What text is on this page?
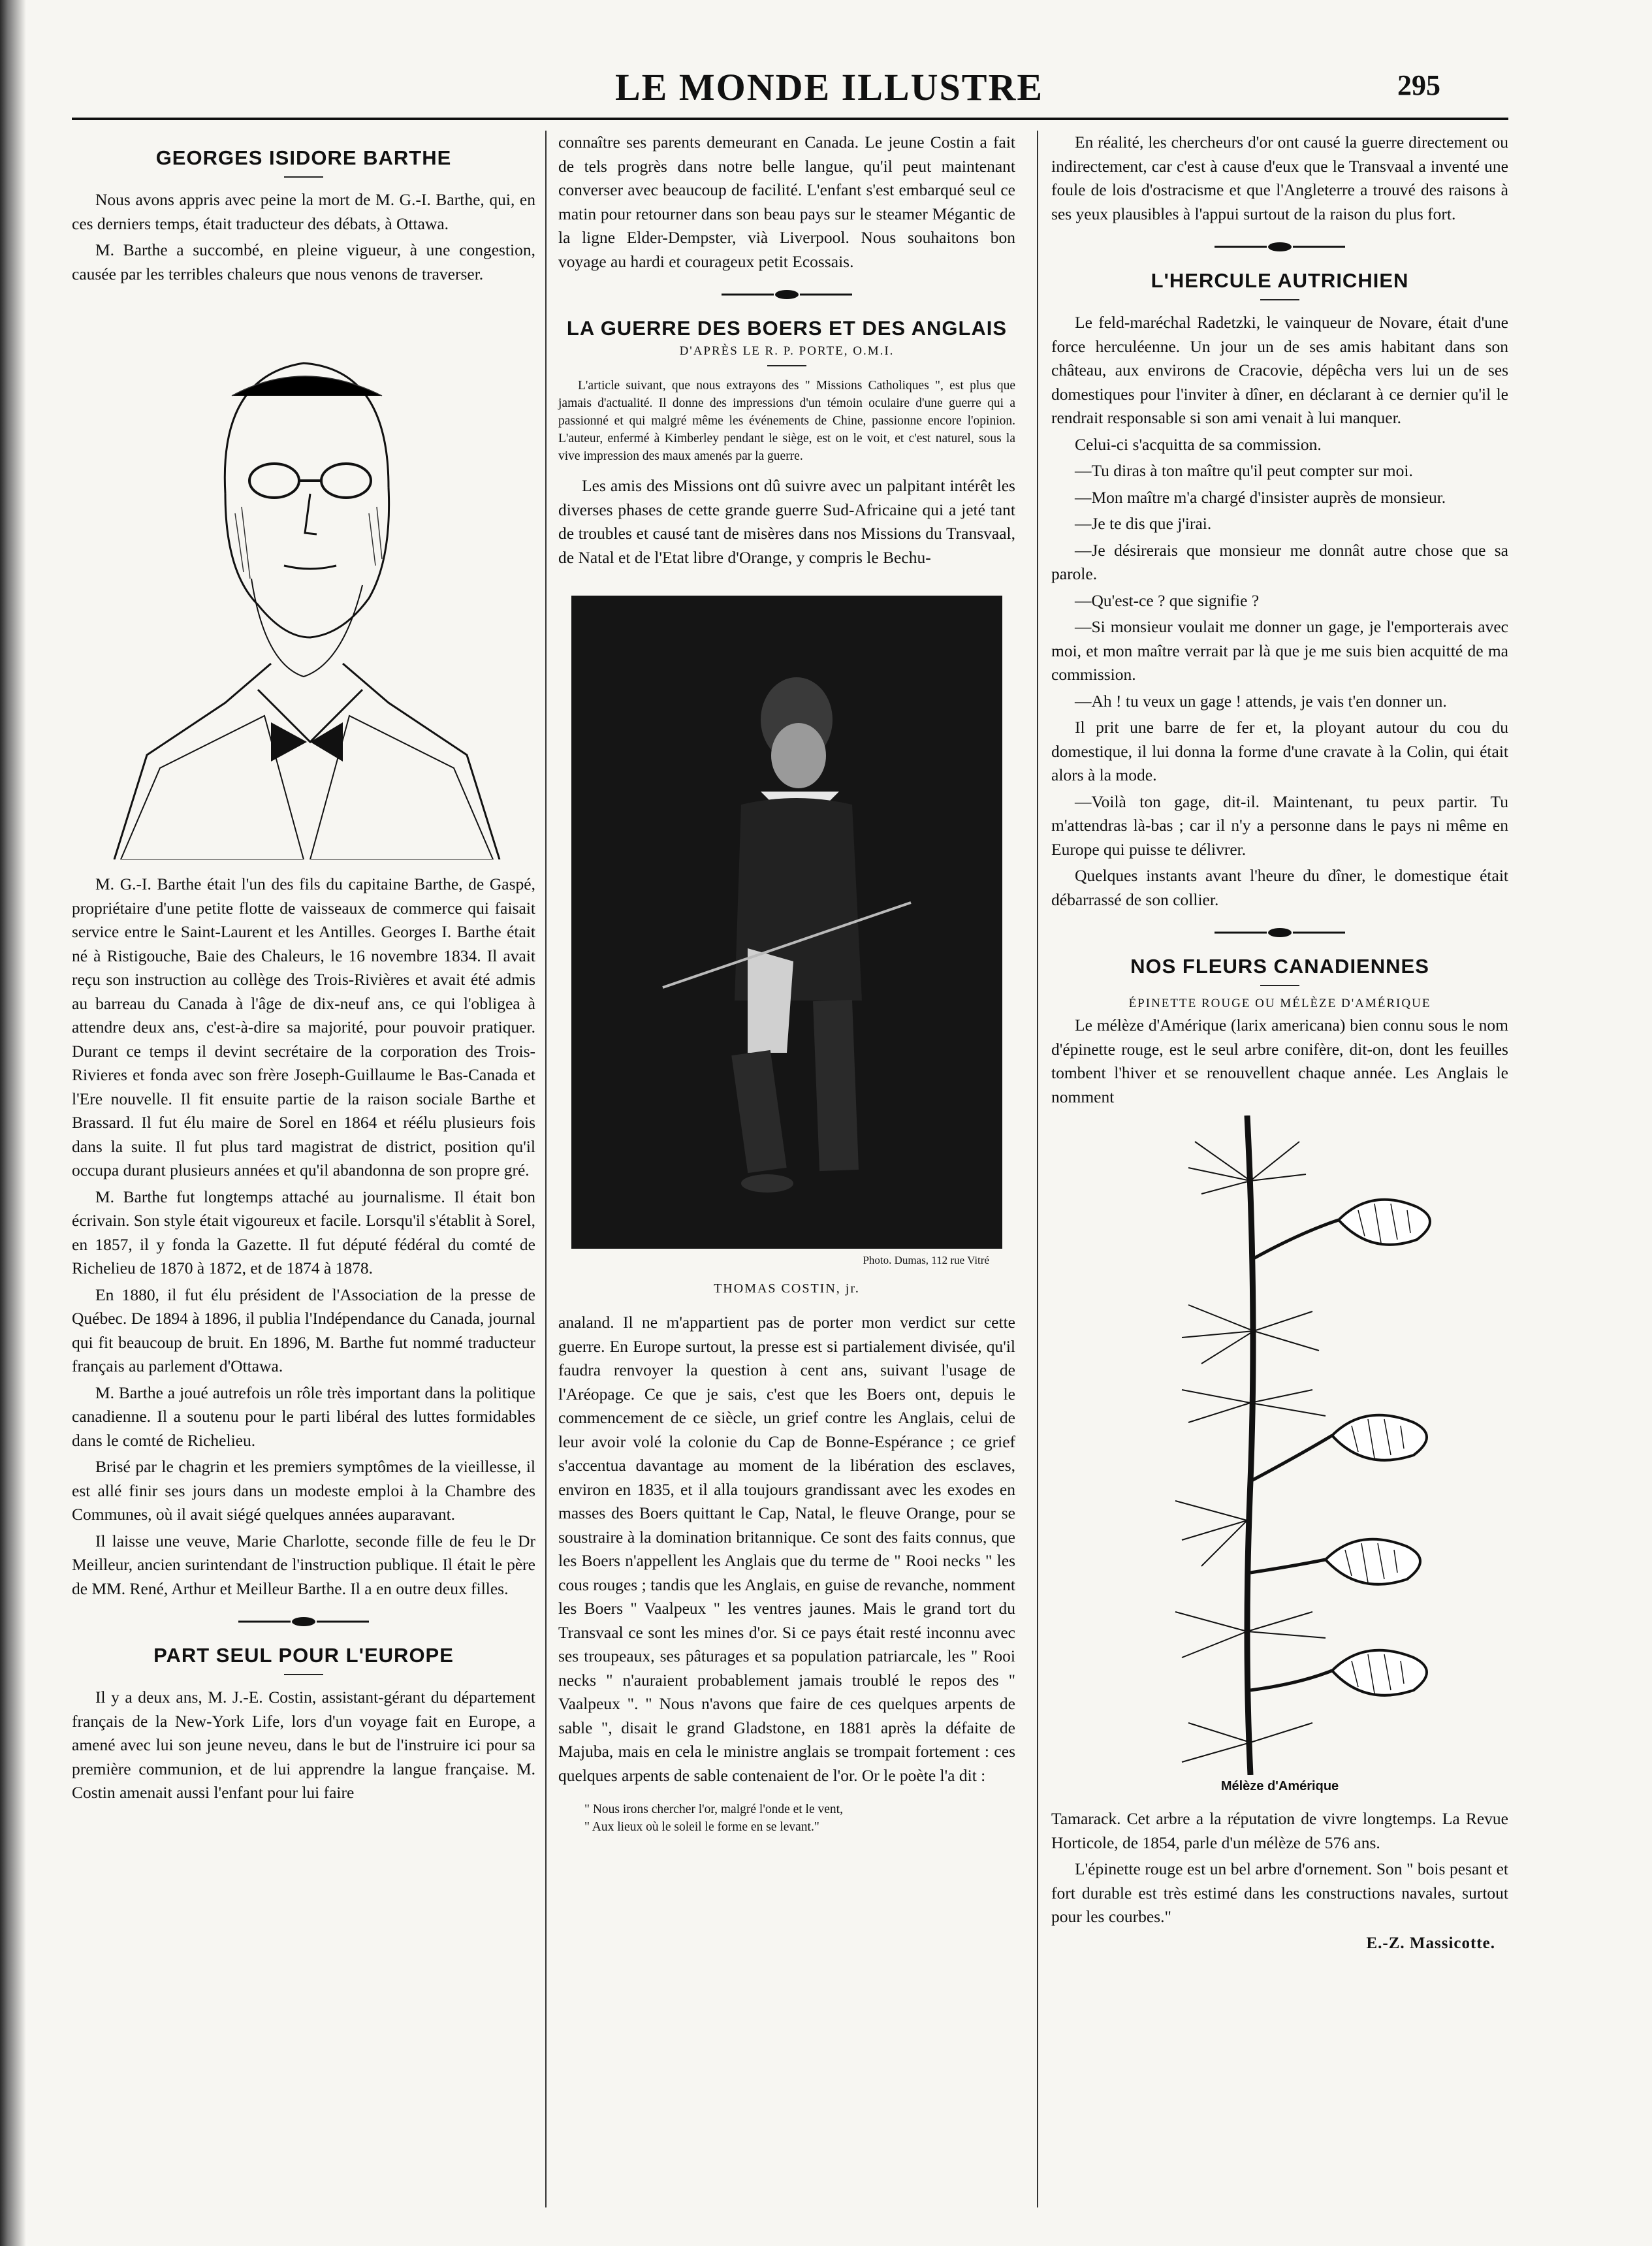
LE MONDE ILLUSTRE	295
GEORGES ISIDORE BARTHE

Nous avons appris avec peine la mort de M. G.-I. Barthe, qui, en ces derniers temps, était traducteur des débats, à Ottawa.

M. Barthe a succombé, en pleine vigueur, à une congestion, causée par les terribles chaleurs que nous venons de traverser.

M. G.-I. Barthe était l'un des fils du capitaine Barthe, de Gaspé, propriétaire d'une petite flotte de vaisseaux de commerce qui faisait service entre le Saint-Laurent et les Antilles. Georges I. Barthe était né à Ristigouche, Baie des Chaleurs, le 16 novembre 1834. Il avait reçu son instruction au collège des Trois-Rivières et avait été admis au barreau du Canada à l'âge de dix-neuf ans, ce qui l'obligea à attendre deux ans, c'est-à-dire sa majorité, pour pouvoir pratiquer. Durant ce temps il devint secrétaire de la corporation des Trois-Rivieres et fonda avec son frère Joseph-Guillaume le Bas-Canada et l'Ere nouvelle. Il fit ensuite partie de la raison sociale Barthe et Brassard. Il fut élu maire de Sorel en 1864 et réélu plusieurs fois dans la suite. Il fut plus tard magistrat de district, position qu'il occupa durant plusieurs années et qu'il abandonna de son propre gré.

M. Barthe fut longtemps attaché au journalisme. Il était bon écrivain. Son style était vigoureux et facile. Lorsqu'il s'établit à Sorel, en 1857, il y fonda la Gazette. Il fut député fédéral du comté de Richelieu de 1870 à 1872, et de 1874 à 1878.

En 1880, il fut élu président de l'Association de la presse de Québec. De 1894 à 1896, il publia l'Indépendance du Canada, journal qui fit beaucoup de bruit. En 1896, M. Barthe fut nommé traducteur français au parlement d'Ottawa.

M. Barthe a joué autrefois un rôle très important dans la politique canadienne. Il a soutenu pour le parti libéral des luttes formidables dans le comté de Richelieu.

Brisé par le chagrin et les premiers symptômes de la vieillesse, il est allé finir ses jours dans un modeste emploi à la Chambre des Communes, où il avait siégé quelques années auparavant.

Il laisse une veuve, Marie Charlotte, seconde fille de feu le Dr Meilleur, ancien surintendant de l'instruction publique. Il était le père de MM. René, Arthur et Meilleur Barthe. Il a en outre deux filles.

PART SEUL POUR L'EUROPE

Il y a deux ans, M. J.-E. Costin, assistant-gérant du département français de la New-York Life, lors d'un voyage fait en Europe, a amené avec lui son jeune neveu, dans le but de l'instruire ici pour sa première communion, et de lui apprendre la langue française. M. Costin amenait aussi l'enfant pour lui faire

connaître ses parents demeurant en Canada. Le jeune Costin a fait de tels progrès dans notre belle langue, qu'il peut maintenant converser avec beaucoup de facilité. L'enfant s'est embarqué seul ce matin pour retourner dans son beau pays sur le steamer Mégantic de la ligne Elder-Dempster, vià Liverpool. Nous souhaitons bon voyage au hardi et courageux petit Ecossais.

LA GUERRE DES BOERS ET DES ANGLAIS
D'APRÈS LE R. P. PORTE, O.M.I.

L'article suivant, que nous extrayons des " Missions Catholiques ", est plus que jamais d'actualité. Il donne des impressions d'un témoin oculaire d'une guerre qui a passionné et qui malgré même les événements de Chine, passionne encore l'opinion. L'auteur, enfermé à Kimberley pendant le siège, est on le voit, et c'est naturel, sous la vive impression des maux amenés par la guerre.

Les amis des Missions ont dû suivre avec un palpitant intérêt les diverses phases de cette grande guerre Sud-Africaine qui a jeté tant de troubles et causé tant de misères dans nos Missions du Transvaal, de Natal et de l'Etat libre d'Orange, y compris le Bechu-

Photo. Dumas, 112 rue Vitré
THOMAS COSTIN, jr.

analand. Il ne m'appartient pas de porter mon verdict sur cette guerre. En Europe surtout, la presse est si partialement divisée, qu'il faudra renvoyer la question à cent ans, suivant l'usage de l'Aréopage. Ce que je sais, c'est que les Boers ont, depuis le commencement de ce siècle, un grief contre les Anglais, celui de leur avoir volé la colonie du Cap de Bonne-Espérance ; ce grief s'accentua davantage au moment de la libération des esclaves, environ en 1835, et il alla toujours grandissant avec les exodes en masses des Boers quittant le Cap, Natal, le fleuve Orange, pour se soustraire à la domination britannique. Ce sont des faits connus, que les Boers n'appellent les Anglais que du terme de " Rooi necks " les cous rouges ; tandis que les Anglais, en guise de revanche, nomment les Boers " Vaalpeux " les ventres jaunes. Mais le grand tort du Transvaal ce sont les mines d'or. Si ce pays était resté inconnu avec ses troupeaux, ses pâturages et sa population patriarcale, les " Rooi necks " n'auraient probablement jamais troublé le repos des " Vaalpeux ". " Nous n'avons que faire de ces quelques arpents de sable ", disait le grand Gladstone, en 1881 après la défaite de Majuba, mais en cela le ministre anglais se trompait fortement : ces quelques arpents de sable contenaient de l'or. Or le poète l'a dit :

" Nous irons chercher l'or, malgré l'onde et le vent,
" Aux lieux où le soleil le forme en se levant."

En réalité, les chercheurs d'or ont causé la guerre directement ou indirectement, car c'est à cause d'eux que le Transvaal a inventé une foule de lois d'ostracisme et que l'Angleterre a trouvé des raisons à ses yeux plausibles à l'appui surtout de la raison du plus fort.

L'HERCULE AUTRICHIEN

Le feld-maréchal Radetzki, le vainqueur de Novare, était d'une force herculéenne. Un jour un de ses amis habitant dans son château, aux environs de Cracovie, dépêcha vers lui un de ses domestiques pour l'inviter à dîner, en déclarant à ce dernier qu'il le rendrait responsable si son ami venait à lui manquer.

Celui-ci s'acquitta de sa commission.

—Tu diras à ton maître qu'il peut compter sur moi.

—Mon maître m'a chargé d'insister auprès de monsieur.

—Je te dis que j'irai.

—Je désirerais que monsieur me donnât autre chose que sa parole.

—Qu'est-ce ? que signifie ?

—Si monsieur voulait me donner un gage, je l'emporterais avec moi, et mon maître verrait par là que je me suis bien acquitté de ma commission.

—Ah ! tu veux un gage ! attends, je vais t'en donner un.

Il prit une barre de fer et, la ployant autour du cou du domestique, il lui donna la forme d'une cravate à la Colin, qui était alors à la mode.

—Voilà ton gage, dit-il. Maintenant, tu peux partir. Tu m'attendras là-bas ; car il n'y a personne dans le pays ni même en Europe qui puisse te délivrer.

Quelques instants avant l'heure du dîner, le domestique était débarrassé de son collier.

NOS FLEURS CANADIENNES
ÉPINETTE ROUGE OU MÉLÈZE D'AMÉRIQUE

Le mélèze d'Amérique (larix americana) bien connu sous le nom d'épinette rouge, est le seul arbre conifère, dit-on, dont les feuilles tombent l'hiver et se renouvellent chaque année. Les Anglais le nomment

Mélèze d'Amérique

Tamarack. Cet arbre a la réputation de vivre longtemps. La Revue Horticole, de 1854, parle d'un mélèze de 576 ans.

L'épinette rouge est un bel arbre d'ornement. Son " bois pesant et fort durable est très estimé dans les constructions navales, surtout pour les courbes."

E.-Z. Massicotte.
